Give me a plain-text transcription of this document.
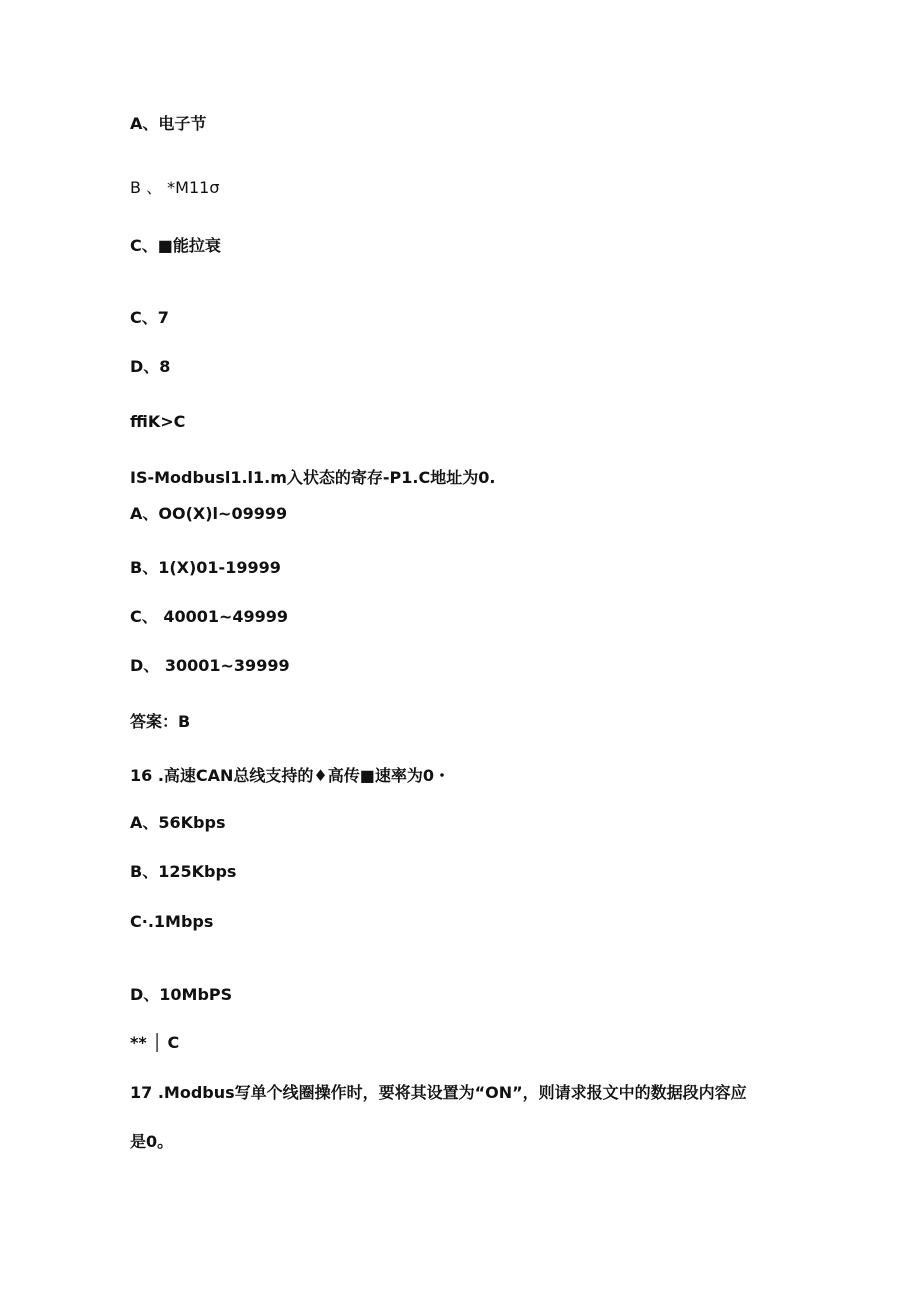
A、电子节
B 、 *M11σ
C、■能拉衰
C、7
D、8
ffiK>C
IS-Modbusl1.l1.m入状态的寄存-P1.C地址为0.
A、OO(X)l~09999
B、1(X)01-19999
C、 40001~49999
D、 30001~39999
答案：B
16 .高速CAN总线支持的♦高传■速率为0・
A、56Kbps
B、125Kbps
C·.1Mbps
D、10MbPS
** │ C
17 .Modbus写单个线圈操作时，要将其设置为“ON”，则请求报文中的数据段内容应
是0。
